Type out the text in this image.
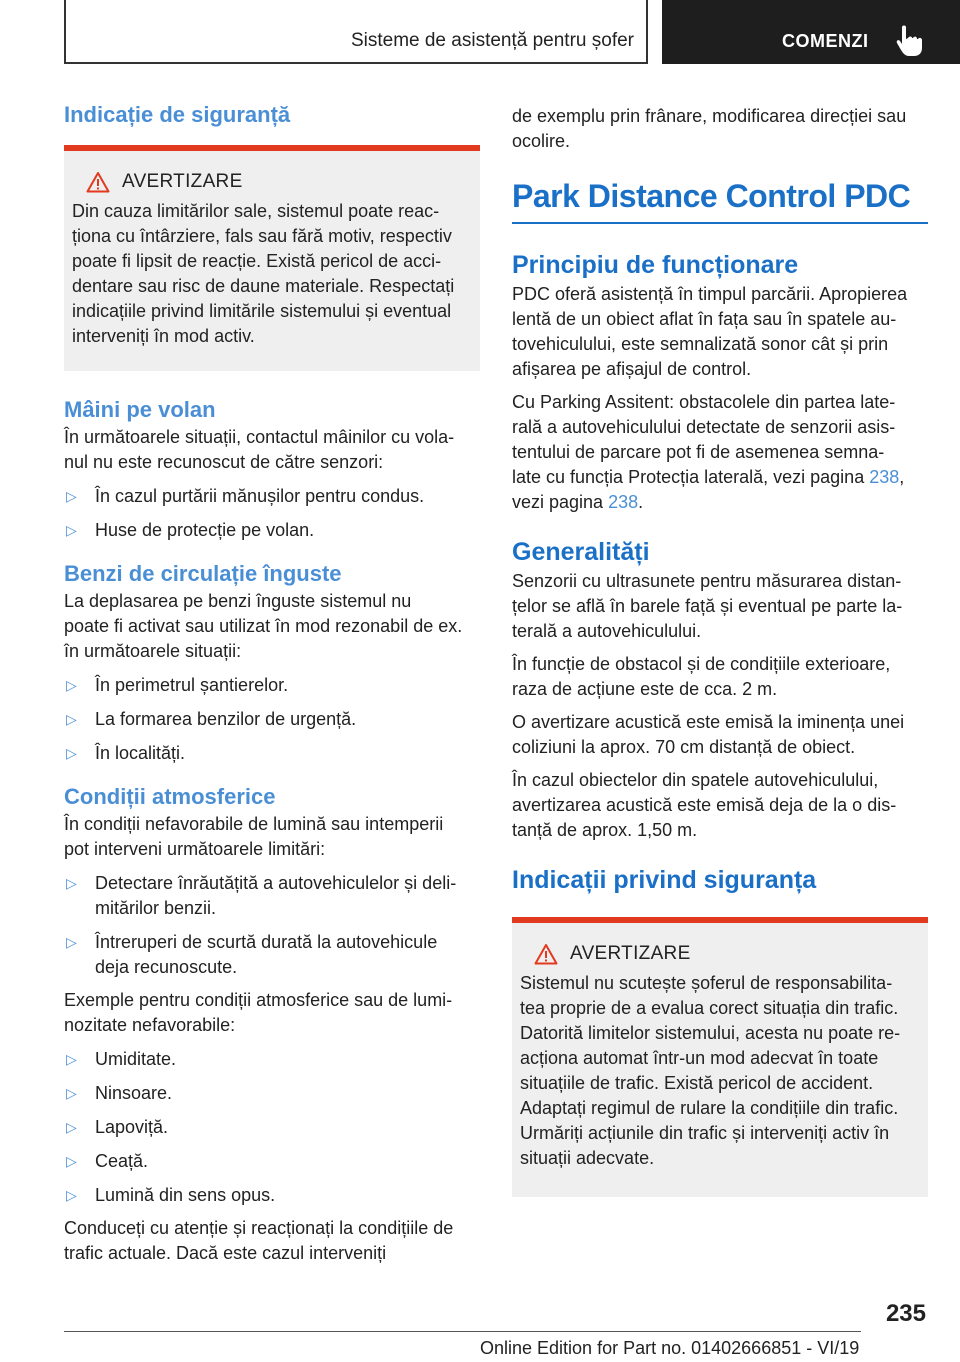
Sisteme de asistență pentru șofer	COMENZI
Indicație de siguranță
AVERTIZARE

Din cauza limitărilor sale, sistemul poate reac-

ționa cu întârziere, fals sau fără motiv, respectiv

poate fi lipsit de reacție. Există pericol de acci-

dentare sau risc de daune materiale. Respectați

indicațiile privind limitările sistemului și eventual

interveniți în mod activ.

Mâini pe volan

În următoarele situații, contactul mâinilor cu vola-

nul nu este recunoscut de către senzori:

▷	În cazul purtării mănușilor pentru condus.
▷	Huse de protecție pe volan.
Benzi de circulație înguste

La deplasarea pe benzi înguste sistemul nu

poate fi activat sau utilizat în mod rezonabil de ex.

în următoarele situații:

▷	În perimetrul șantierelor.
▷	La formarea benzilor de urgență.
▷	În localități.
Condiții atmosferice

În condiții nefavorabile de lumină sau intemperii

pot interveni următoarele limitări:

▷	Detectare înrăutățită a autovehiculelor și deli-
mitărilor benzii.
▷	Întreruperi de scurtă durată la autovehicule
deja recunoscute.

Exemple pentru condiții atmosferice sau de lumi-

nozitate nefavorabile:

▷	Umiditate.
▷	Ninsoare.
▷	Lapoviță.
▷	Ceață.
▷	Lumină din sens opus.

Conduceți cu atenție și reacționați la condițiile de

trafic actuale. Dacă este cazul interveniți

de exemplu prin frânare, modificarea direcției sau

ocolire.

Park Distance Control PDC
Principiu de funcționare

PDC oferă asistență în timpul parcării. Apropierea

lentă de un obiect aflat în fața sau în spatele au-

tovehiculului, este semnalizată sonor cât și prin

afișarea pe afișajul de control.

Cu Parking Assitent: obstacolele din partea late-

rală a autovehiculului detectate de senzorii asis-

tentului de parcare pot fi de asemenea semna-

late cu funcția Protecția laterală, vezi pagina 238,

vezi pagina 238.

Generalități

Senzorii cu ultrasunete pentru măsurarea distan-

țelor se află în barele față și eventual pe parte la-

terală a autovehiculului.

În funcție de obstacol și de condițiile exterioare,

raza de acțiune este de cca. 2 m.

O avertizare acustică este emisă la iminența unei

coliziuni la aprox. 70 cm distanță de obiect.

În cazul obiectelor din spatele autovehiculului,

avertizarea acustică este emisă deja de la o dis-

tanță de aprox. 1,50 m.

Indicații privind siguranța
AVERTIZARE

Sistemul nu scutește șoferul de responsabilita-

tea proprie de a evalua corect situația din trafic.

Datorită limitelor sistemului, acesta nu poate re-

acționa automat într-un mod adecvat în toate

situațiile de trafic. Există pericol de accident.

Adaptați regimul de rulare la condițiile din trafic.

Urmăriți acțiunile din trafic și interveniți activ în

situații adecvate.

235
Online Edition for Part no. 01402666851 - VI/19
